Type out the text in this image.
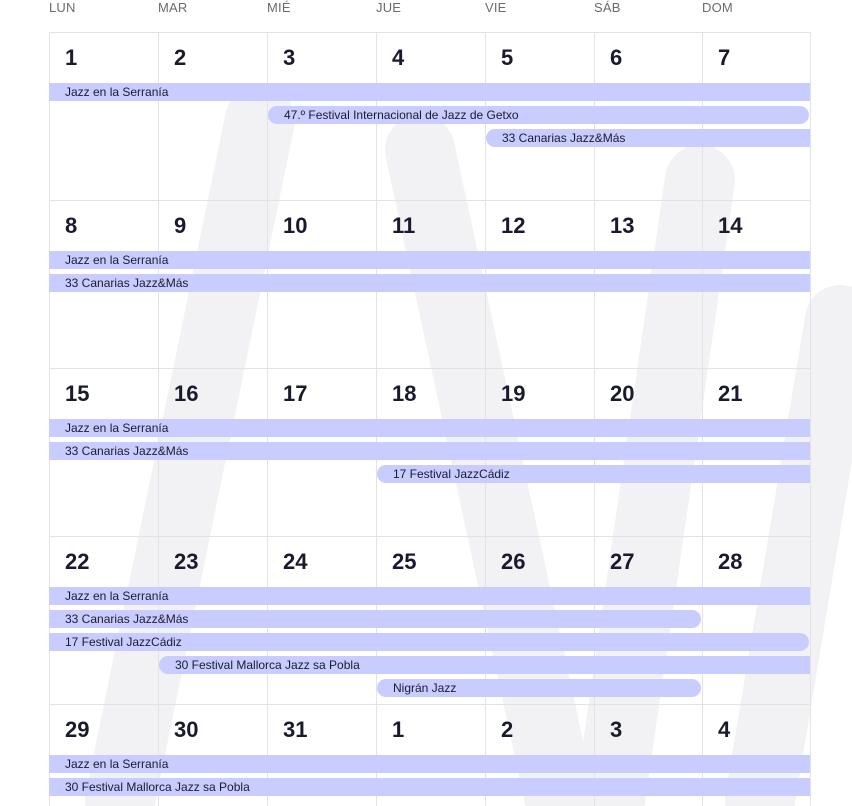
LUN	MAR	MIÉ	JUE	VIE	SÁB	DOM
1	2	3	4	5	6	7
Jazz en la Serranía
47.º Festival Internacional de Jazz de Getxo
33 Canarias Jazz&Más
8	9	10	11	12	13	14
Jazz en la Serranía
33 Canarias Jazz&Más
15	16	17	18	19	20	21
Jazz en la Serranía
33 Canarias Jazz&Más
17 Festival JazzCádiz
22	23	24	25	26	27	28
Jazz en la Serranía
33 Canarias Jazz&Más
17 Festival JazzCádiz
30 Festival Mallorca Jazz sa Pobla
Nigrán Jazz
29	30	31	1	2	3	4
Jazz en la Serranía
30 Festival Mallorca Jazz sa Pobla
